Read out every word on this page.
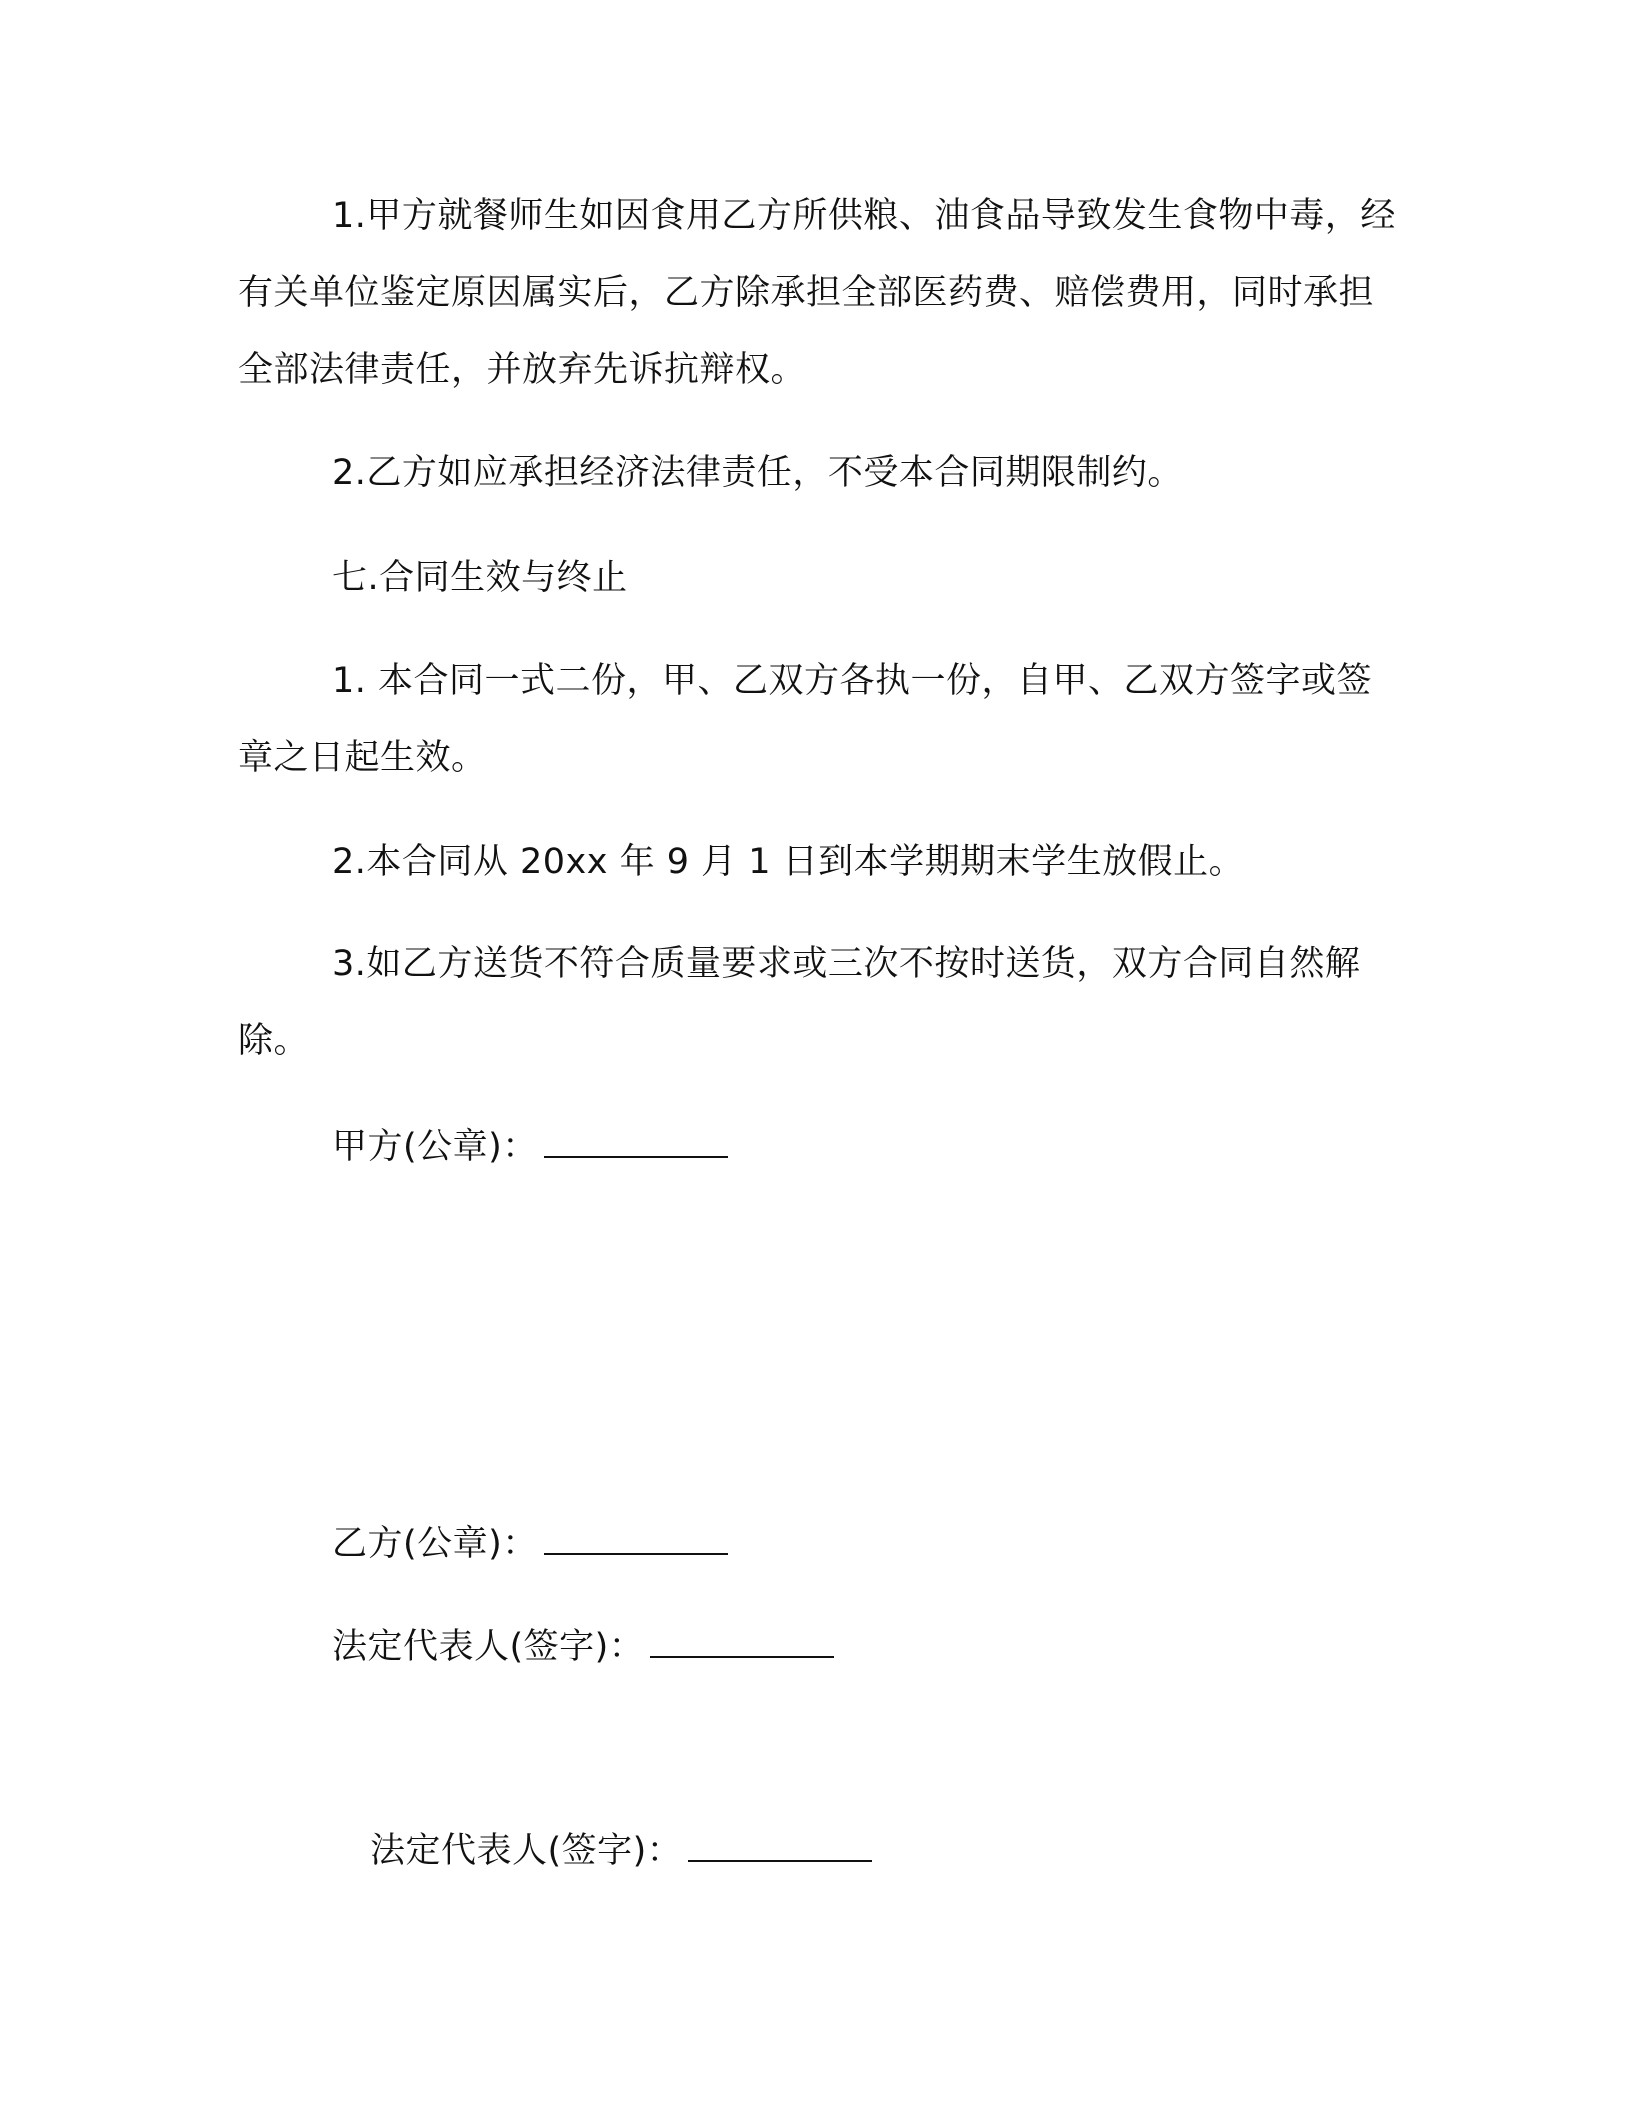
1.甲方就餐师生如因食用乙方所供粮、油食品导致发生食物中毒，经有关单位鉴定原因属实后，乙方除承担全部医药费、赔偿费用，同时承担全部法律责任，并放弃先诉抗辩权。

2.乙方如应承担经济法律责任，不受本合同期限制约。

七.合同生效与终止

1. 本合同一式二份，甲、乙双方各执一份，自甲、乙双方签字或签章之日起生效。

2.本合同从 20xx 年 9 月 1 日到本学期期末学生放假止。

3.如乙方送货不符合质量要求或三次不按时送货，双方合同自然解除。

甲方(公章)：
乙方(公章)：
法定代表人(签字)：
法定代表人(签字)：
